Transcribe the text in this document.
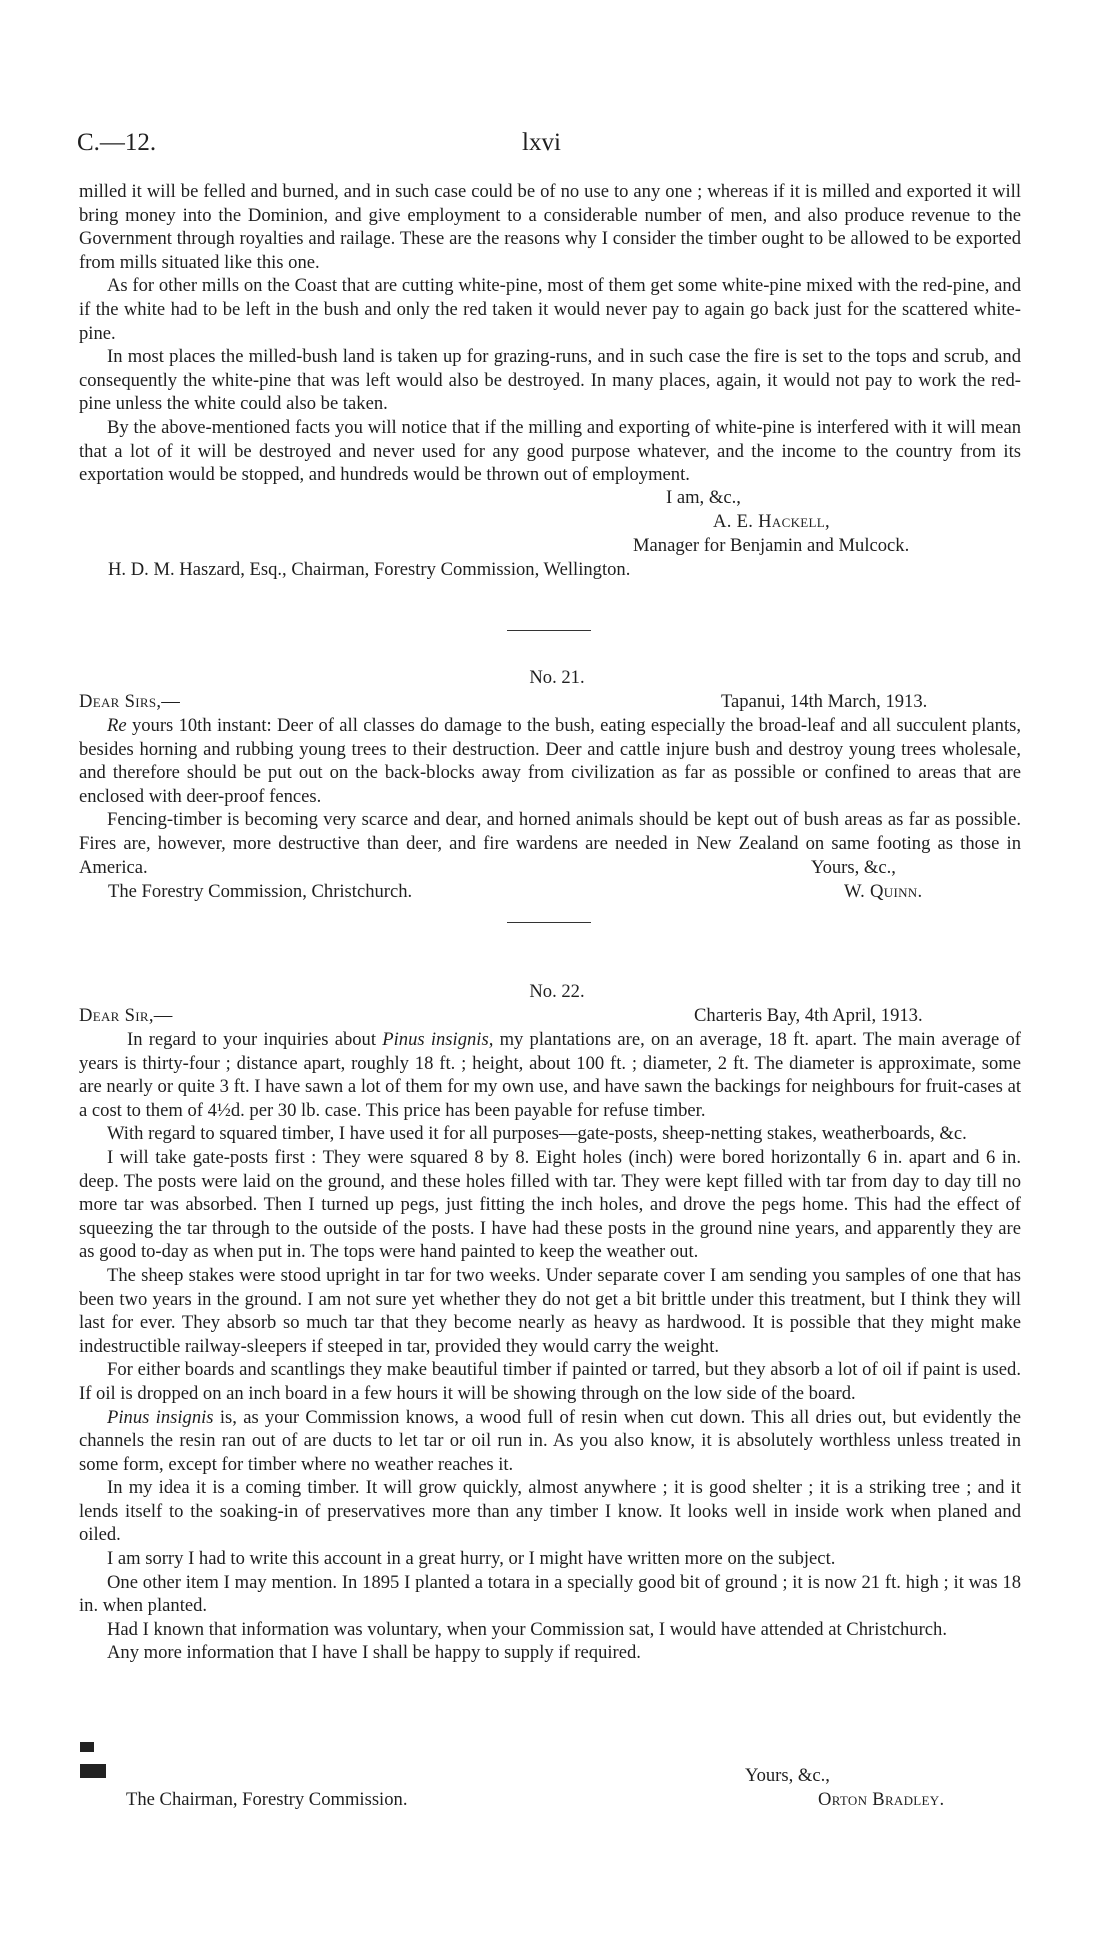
C.—12.	lxvi

milled it will be felled and burned, and in such case could be of no use to any one ; whereas if it is milled and exported it will bring money into the Dominion, and give employment to a considerable number of men, and also produce revenue to the Government through royalties and railage. These are the reasons why I consider the timber ought to be allowed to be exported from mills situated like this one.

As for other mills on the Coast that are cutting white-pine, most of them get some white-pine mixed with the red-pine, and if the white had to be left in the bush and only the red taken it would never pay to again go back just for the scattered white-pine.

In most places the milled-bush land is taken up for grazing-runs, and in such case the fire is set to the tops and scrub, and consequently the white-pine that was left would also be destroyed. In many places, again, it would not pay to work the red-pine unless the white could also be taken.

By the above-mentioned facts you will notice that if the milling and exporting of white-pine is interfered with it will mean that a lot of it will be destroyed and never used for any good purpose whatever, and the income to the country from its exportation would be stopped, and hundreds would be thrown out of employment.

I am, &c.,
A. E. Hackell,
Manager for Benjamin and Mulcock.
H. D. M. Haszard, Esq., Chairman, Forestry Commission, Wellington.
No. 21.
Dear Sirs,—	Tapanui, 14th March, 1913.

Re yours 10th instant: Deer of all classes do damage to the bush, eating especially the broad-leaf and all succulent plants, besides horning and rubbing young trees to their destruction. Deer and cattle injure bush and destroy young trees wholesale, and therefore should be put out on the back-blocks away from civilization as far as possible or confined to areas that are enclosed with deer-proof fences.

Fencing-timber is becoming very scarce and dear, and horned animals should be kept out of bush areas as far as possible. Fires are, however, more destructive than deer, and fire wardens are needed in New Zealand on same footing as those in America.	Yours, &c.,
The Forestry Commission, Christchurch.	W. Quinn.
No. 22.
Dear Sir,—	Charteris Bay, 4th April, 1913.

In regard to your inquiries about Pinus insignis, my plantations are, on an average, 18 ft. apart. The main average of years is thirty-four ; distance apart, roughly 18 ft. ; height, about 100 ft. ; diameter, 2 ft. The diameter is approximate, some are nearly or quite 3 ft. I have sawn a lot of them for my own use, and have sawn the backings for neighbours for fruit-cases at a cost to them of 4½d. per 30 lb. case. This price has been payable for refuse timber.

With regard to squared timber, I have used it for all purposes—gate-posts, sheep-netting stakes, weatherboards, &c.

I will take gate-posts first : They were squared 8 by 8. Eight holes (inch) were bored horizontally 6 in. apart and 6 in. deep. The posts were laid on the ground, and these holes filled with tar. They were kept filled with tar from day to day till no more tar was absorbed. Then I turned up pegs, just fitting the inch holes, and drove the pegs home. This had the effect of squeezing the tar through to the outside of the posts. I have had these posts in the ground nine years, and apparently they are as good to-day as when put in. The tops were hand painted to keep the weather out.

The sheep stakes were stood upright in tar for two weeks. Under separate cover I am sending you samples of one that has been two years in the ground. I am not sure yet whether they do not get a bit brittle under this treatment, but I think they will last for ever. They absorb so much tar that they become nearly as heavy as hardwood. It is possible that they might make indestructible railway-sleepers if steeped in tar, provided they would carry the weight.

For either boards and scantlings they make beautiful timber if painted or tarred, but they absorb a lot of oil if paint is used. If oil is dropped on an inch board in a few hours it will be showing through on the low side of the board.

Pinus insignis is, as your Commission knows, a wood full of resin when cut down. This all dries out, but evidently the channels the resin ran out of are ducts to let tar or oil run in. As you also know, it is absolutely worthless unless treated in some form, except for timber where no weather reaches it.

In my idea it is a coming timber. It will grow quickly, almost anywhere ; it is good shelter ; it is a striking tree ; and it lends itself to the soaking-in of preservatives more than any timber I know. It looks well in inside work when planed and oiled.

I am sorry I had to write this account in a great hurry, or I might have written more on the subject.

One other item I may mention. In 1895 I planted a totara in a specially good bit of ground ; it is now 21 ft. high ; it was 18 in. when planted.

Had I known that information was voluntary, when your Commission sat, I would have attended at Christchurch.

Any more information that I have I shall be happy to supply if required.

Yours, &c.,
The Chairman, Forestry Commission.	Orton Bradley.
